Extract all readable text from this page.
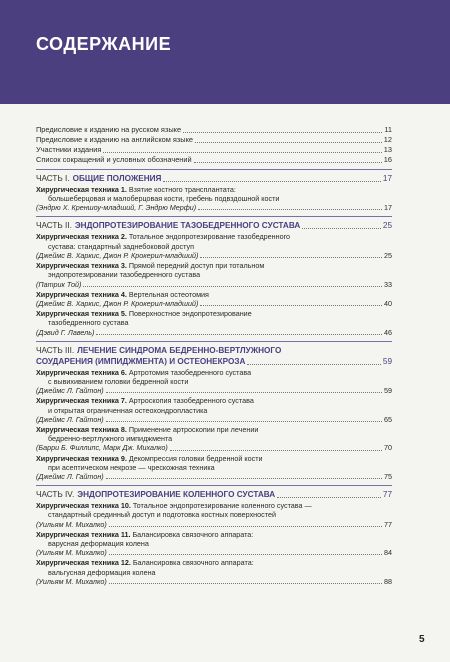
СОДЕРЖАНИЕ
Предисловие к изданию на русском языке	11
Предисловие к изданию на английском языке	12
Участники издания	13
Список сокращений и условных обозначений	16
ЧАСТЬ I. ОБЩИЕ ПОЛОЖЕНИЯ	17
Хирургическая техника 1. Взятие костного трансплантата:
большеберцовая и малоберцовая кости, гребень подвздошной кости
(Эндрю Х. Креншоу-младший, Г. Эндрю Мерфи)	17
ЧАСТЬ II. ЭНДОПРОТЕЗИРОВАНИЕ ТАЗОБЕДРЕННОГО СУСТАВА	25
Хирургическая техника 2. Тотальное эндопротезирование тазобедренного
сустава: стандартный заднебоковой доступ
(Джеймс В. Харкис, Джон Р. Крокерил-младший)	25
Хирургическая техника 3. Прямой передний доступ при тотальном
эндопротезировании тазобедренного сустава
(Патрик Той)	33
Хирургическая техника 4. Вертельная остеотомия
(Джеймс В. Харкис, Джон Р. Крокерил-младший)	40
Хирургическая техника 5. Поверхностное эндопротезирование
тазобедренного сустава
(Дэвид Г. Лавель)	46
ЧАСТЬ III. ЛЕЧЕНИЕ СИНДРОМА БЕДРЕННО-ВЕРТЛУЖНОГО
СОУДАРЕНИЯ (ИМПИДЖМЕНТА) И ОСТЕОНЕКРОЗА	59
Хирургическая техника 6. Артротомия тазобедренного сустава
с вывихиванием головки бедренной кости
(Джеймс Л. Гайтон)	59
Хирургическая техника 7. Артроскопия тазобедренного сустава
и открытая ограниченная остеохондропластика
(Джеймс Л. Гайтон)	65
Хирургическая техника 8. Применение артроскопии при лечении
бедренно-вертлужного импиджмента
(Барри Б. Филлипс, Марк Дж. Михалко)	70
Хирургическая техника 9. Декомпрессия головки бедренной кости
при асептическом некрозе — чрескожная техника
(Джеймс Л. Гайтон)	75
ЧАСТЬ IV. ЭНДОПРОТЕЗИРОВАНИЕ КОЛЕННОГО СУСТАВА	77
Хирургическая техника 10. Тотальное эндопротезирование коленного сустава —
стандартный срединный доступ и подготовка костных поверхностей
(Уильям М. Михалко)	77
Хирургическая техника 11. Балансировка связочного аппарата:
варусная деформация колена
(Уильям М. Михалко)	84
Хирургическая техника 12. Балансировка связочного аппарата:
вальгусная деформация колена
(Уильям М. Михалко)	88
5
